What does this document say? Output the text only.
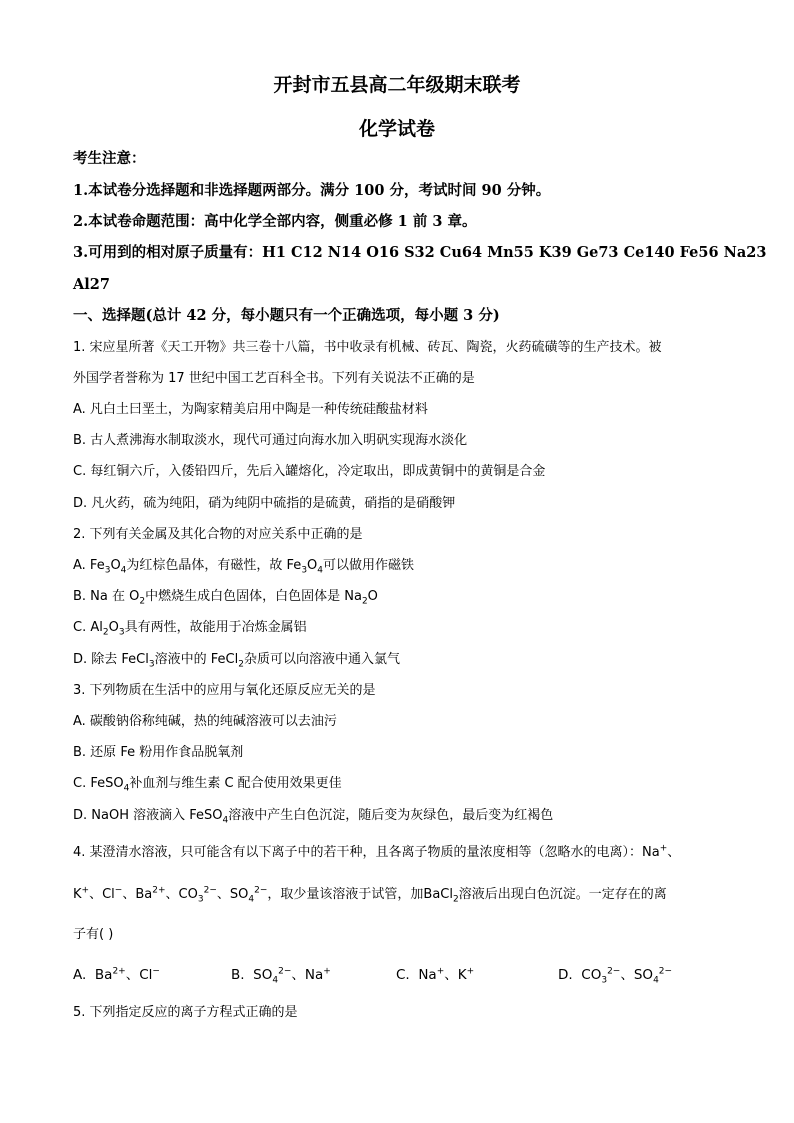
开封市五县高二年级期末联考
化学试卷
考生注意：
1.本试卷分选择题和非选择题两部分。满分 100 分，考试时间 90 分钟。
2.本试卷命题范围：高中化学全部内容，侧重必修 1 前 3 章。
3.可用到的相对原子质量有：H1 C12 N14 O16 S32 Cu64 Mn55 K39 Ge73 Ce140 Fe56 Na23
Al27
一、选择题(总计 42 分，每小题只有一个正确选项，每小题 3 分)
1. 宋应星所著《天工开物》共三卷十八篇，书中收录有机械、砖瓦、陶瓷，火药硫磺等的生产技术。被
外国学者誉称为 17 世纪中国工艺百科全书。下列有关说法不正确的是
A. 凡白土曰垩土，为陶家精美启用中陶是一种传统硅酸盐材料
B. 古人煮沸海水制取淡水，现代可通过向海水加入明矾实现海水淡化
C. 每红铜六斤，入倭铅四斤，先后入罐熔化，冷定取出，即成黄铜中的黄铜是合金
D. 凡火药，硫为纯阳，硝为纯阴中硫指的是硫黄，硝指的是硝酸钾
2. 下列有关金属及其化合物的对应关系中正确的是
A. $Fe_3O_4$为红棕色晶体，有磁性，故 $Fe_3O_4$可以做用作磁铁
B. Na 在 $O_2$中燃烧生成白色固体，白色固体是 $Na_2O$
C. $Al_2O_3$具有两性，故能用于冶炼金属铝
D. 除去 FeCl$_3$溶液中的 FeCl$_2$杂质可以向溶液中通入氯气
3. 下列物质在生活中的应用与氧化还原反应无关的是
A. 碳酸钠俗称纯碱，热的纯碱溶液可以去油污
B. 还原 Fe 粉用作食品脱氧剂
C. FeSO$_4$补血剂与维生素 C 配合使用效果更佳
D. NaOH 溶液滴入 FeSO$_4$溶液中产生白色沉淀，随后变为灰绿色，最后变为红褐色
4. 某澄清水溶液，只可能含有以下离子中的若干种，且各离子物质的量浓度相等（忽略水的电离）：Na+、
K+、Cl−、$Ba^{2+}$、$CO_3^{2-}$、$SO_4^{2-}$，取少量该溶液于试管，加BaCl$_2$溶液后出现白色沉淀。一定存在的离
子有( )
A. $Ba^{2+}$、Cl−	B. $SO_4^{2-}$、Na+	C. Na+、K+	D. $CO_3^{2-}$、$SO_4^{2-}$
5. 下列指定反应的离子方程式正确的是
